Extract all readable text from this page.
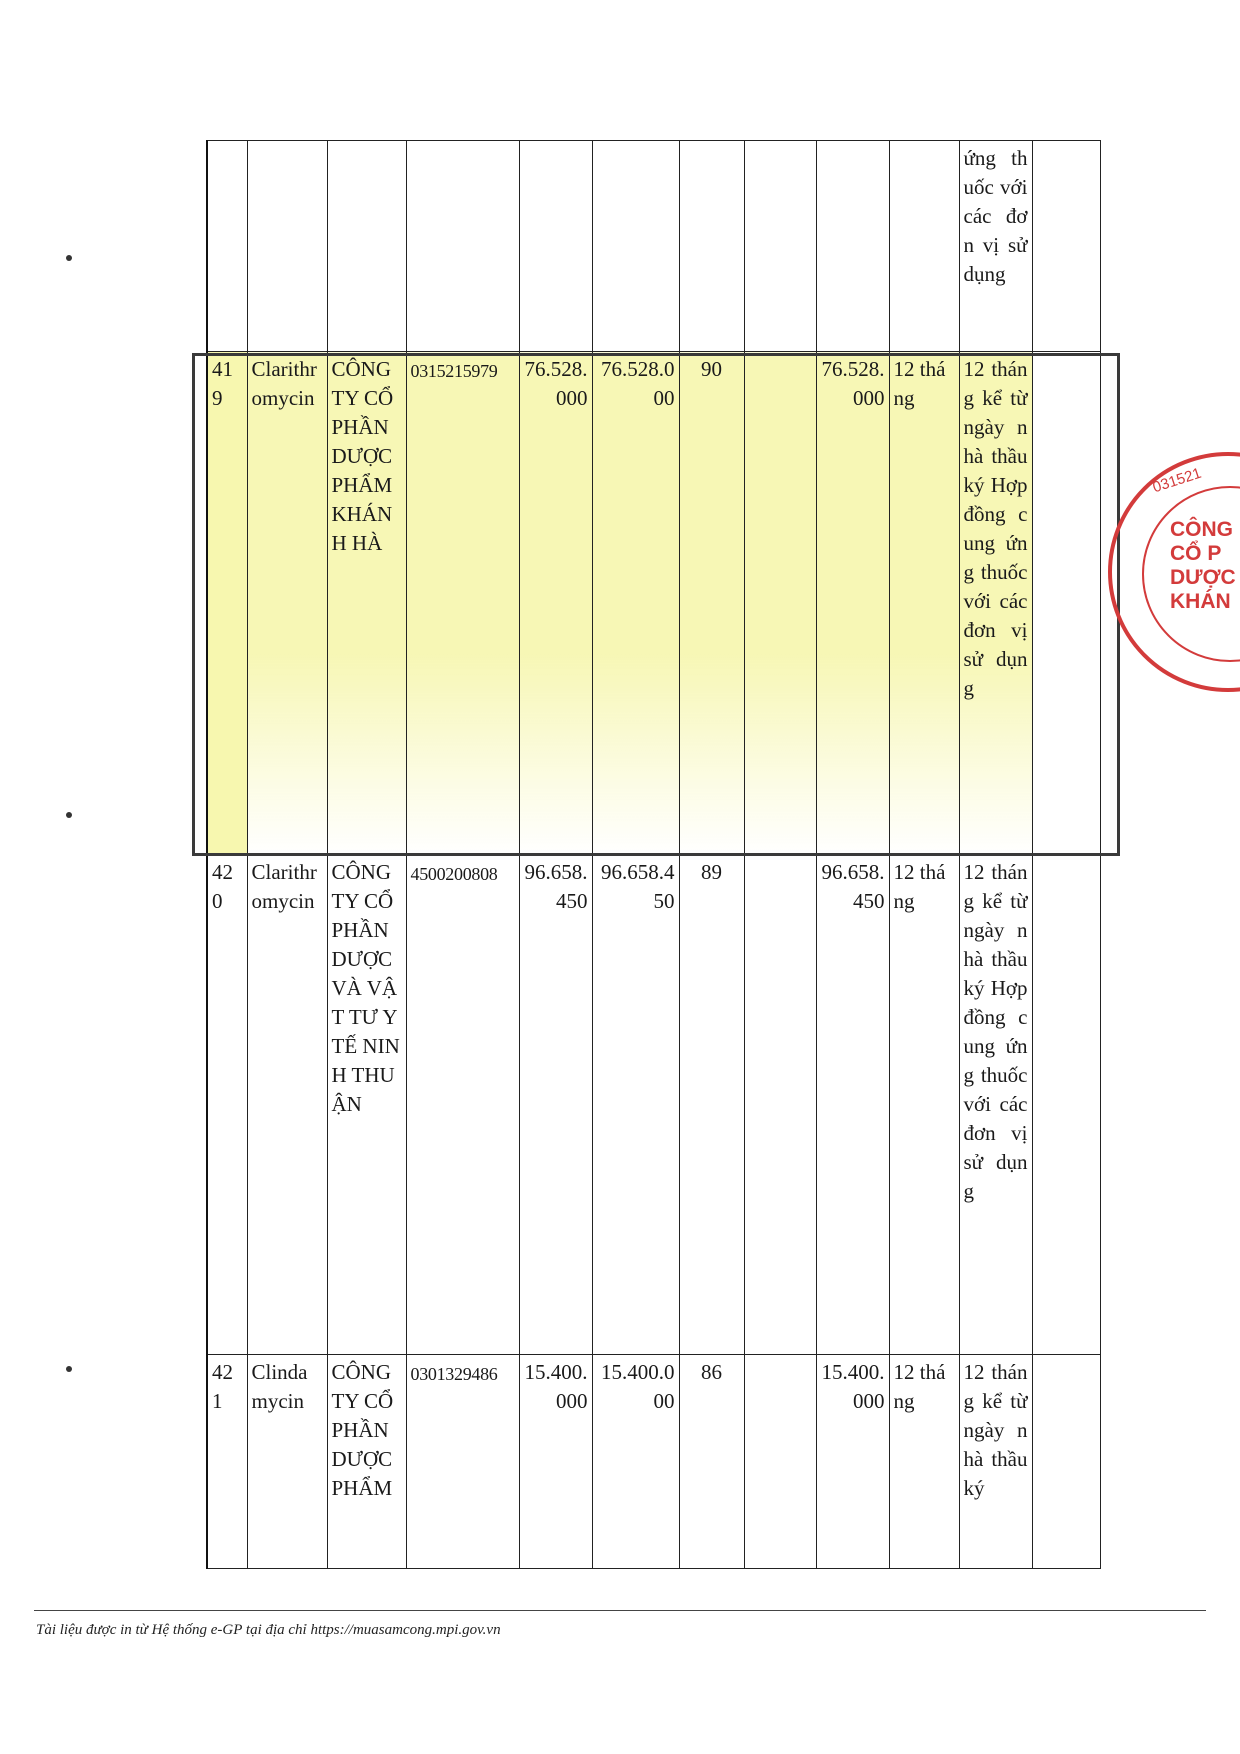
										ứng thuốc với các đơn vị sử dụng	
419	Clarithromycin	CÔNG TY CỔ PHẦN DƯỢC PHẨM KHÁNH HÀ	0315215979	76.528.000	76.528.000	90		76.528.000	12 tháng	12 tháng kể từ ngày nhà thầu ký Hợp đồng cung ứng thuốc với các đơn vị sử dụng	
420	Clarithromycin	CÔNG TY CỔ PHẦN DƯỢC VÀ VẬT TƯ Y TẾ NINH THUẬN	4500200808	96.658.450	96.658.450	89		96.658.450	12 tháng	12 tháng kể từ ngày nhà thầu ký Hợp đồng cung ứng thuốc với các đơn vị sử dụng	
421	Clindamycin	CÔNG TY CỔ PHẦN DƯỢC PHẨM	0301329486	15.400.000	15.400.000	86		15.400.000	12 tháng	12 tháng kể từ ngày nhà thầu ký	
031521
CÔNG
CỔ P
DƯỢC
KHÁN
Tài liệu được in từ Hệ thống e-GP tại địa chỉ https://muasamcong.mpi.gov.vn
